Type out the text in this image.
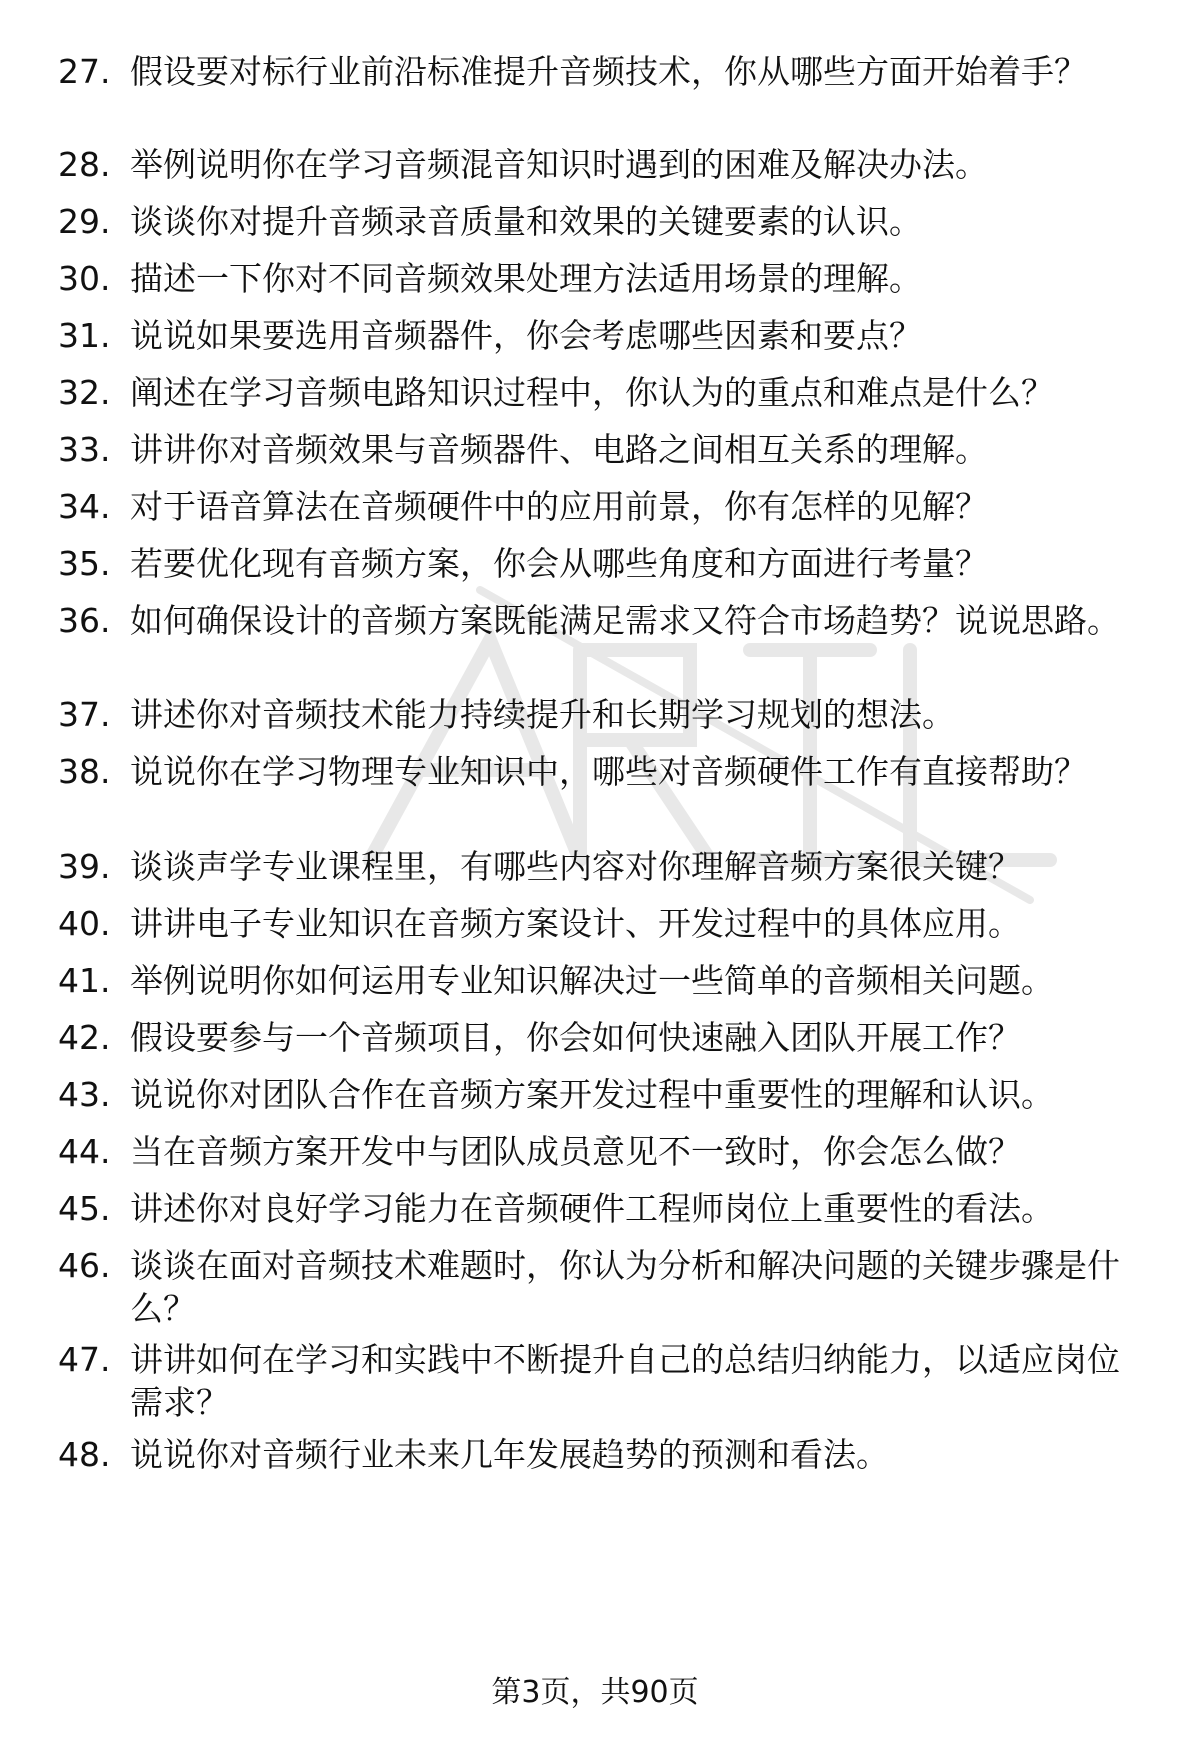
27. 假设要对标行业前沿标准提升音频技术，你从哪些方面开始着手？
28. 举例说明你在学习音频混音知识时遇到的困难及解决办法。
29. 谈谈你对提升音频录音质量和效果的关键要素的认识。
30. 描述一下你对不同音频效果处理方法适用场景的理解。
31. 说说如果要选用音频器件，你会考虑哪些因素和要点？
32. 阐述在学习音频电路知识过程中，你认为的重点和难点是什么？
33. 讲讲你对音频效果与音频器件、电路之间相互关系的理解。
34. 对于语音算法在音频硬件中的应用前景，你有怎样的见解？
35. 若要优化现有音频方案，你会从哪些角度和方面进行考量？
36. 如何确保设计的音频方案既能满足需求又符合市场趋势？说说思路。
37. 讲述你对音频技术能力持续提升和长期学习规划的想法。
38. 说说你在学习物理专业知识中，哪些对音频硬件工作有直接帮助？
39. 谈谈声学专业课程里，有哪些内容对你理解音频方案很关键？
40. 讲讲电子专业知识在音频方案设计、开发过程中的具体应用。
41. 举例说明你如何运用专业知识解决过一些简单的音频相关问题。
42. 假设要参与一个音频项目，你会如何快速融入团队开展工作？
43. 说说你对团队合作在音频方案开发过程中重要性的理解和认识。
44. 当在音频方案开发中与团队成员意见不一致时，你会怎么做？
45. 讲述你对良好学习能力在音频硬件工程师岗位上重要性的看法。
46. 谈谈在面对音频技术难题时，你认为分析和解决问题的关键步骤是什么？
47. 讲讲如何在学习和实践中不断提升自己的总结归纳能力，以适应岗位需求？
48. 说说你对音频行业未来几年发展趋势的预测和看法。
第3页，共90页
